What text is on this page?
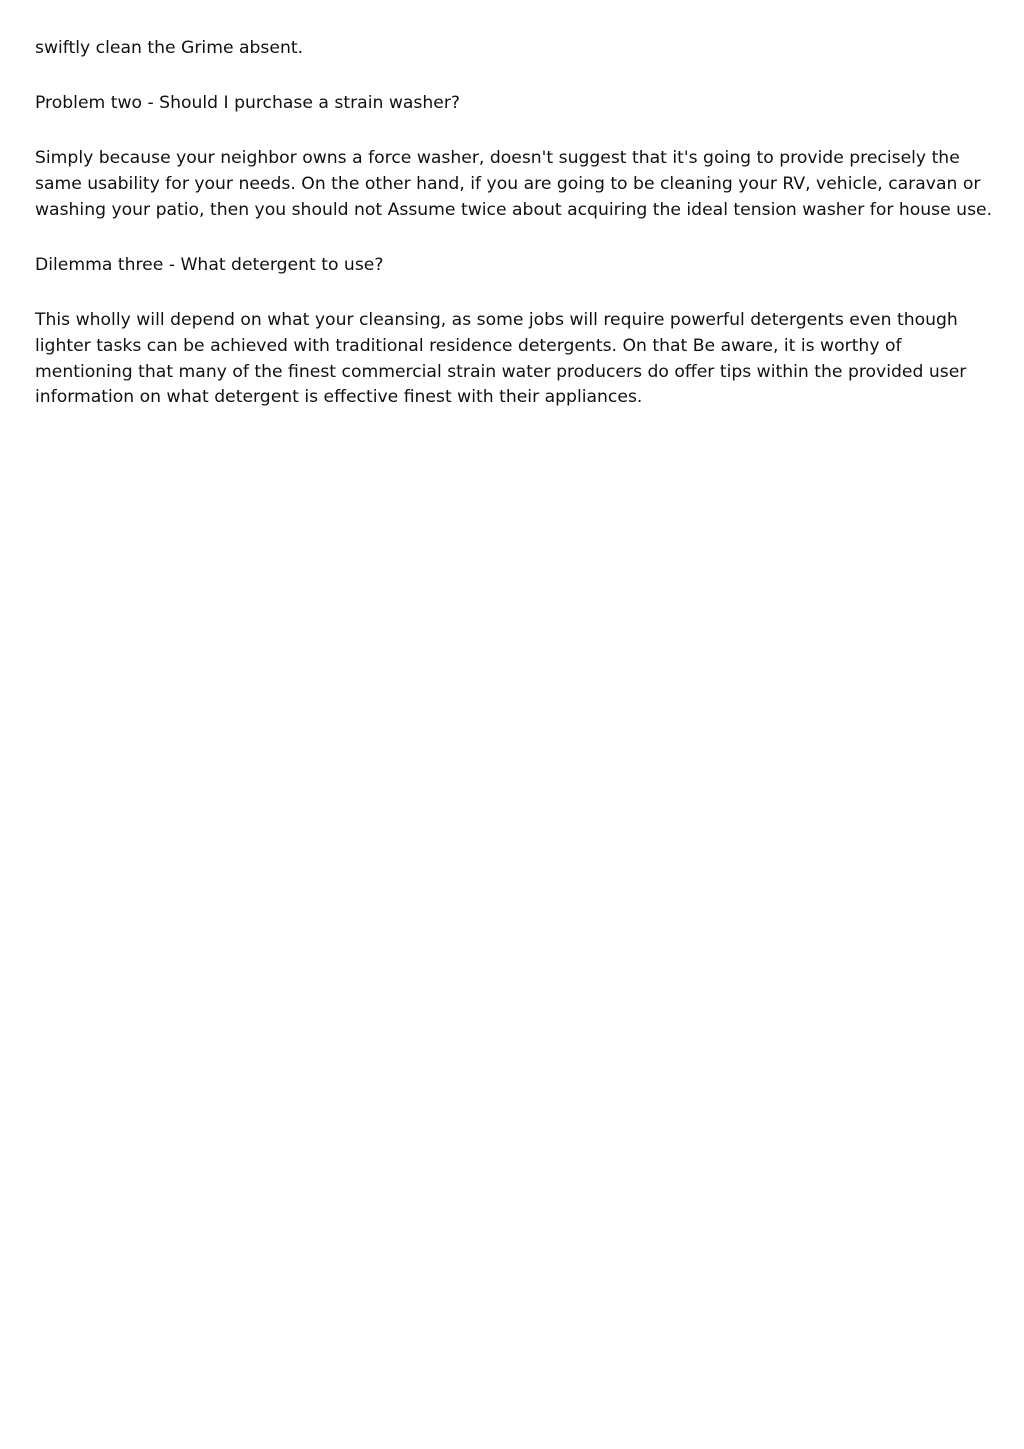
swiftly clean the Grime absent.

Problem two - Should I purchase a strain washer?

Simply because your neighbor owns a force washer, doesn't suggest that it's going to provide precisely the same usability for your needs. On the other hand, if you are going to be cleaning your RV, vehicle, caravan or washing your patio, then you should not Assume twice about acquiring the ideal tension washer for house use.

Dilemma three - What detergent to use?

This wholly will depend on what your cleansing, as some jobs will require powerful detergents even though lighter tasks can be achieved with traditional residence detergents. On that Be aware, it is worthy of mentioning that many of the finest commercial strain water producers do offer tips within the provided user information on what detergent is effective finest with their appliances.
